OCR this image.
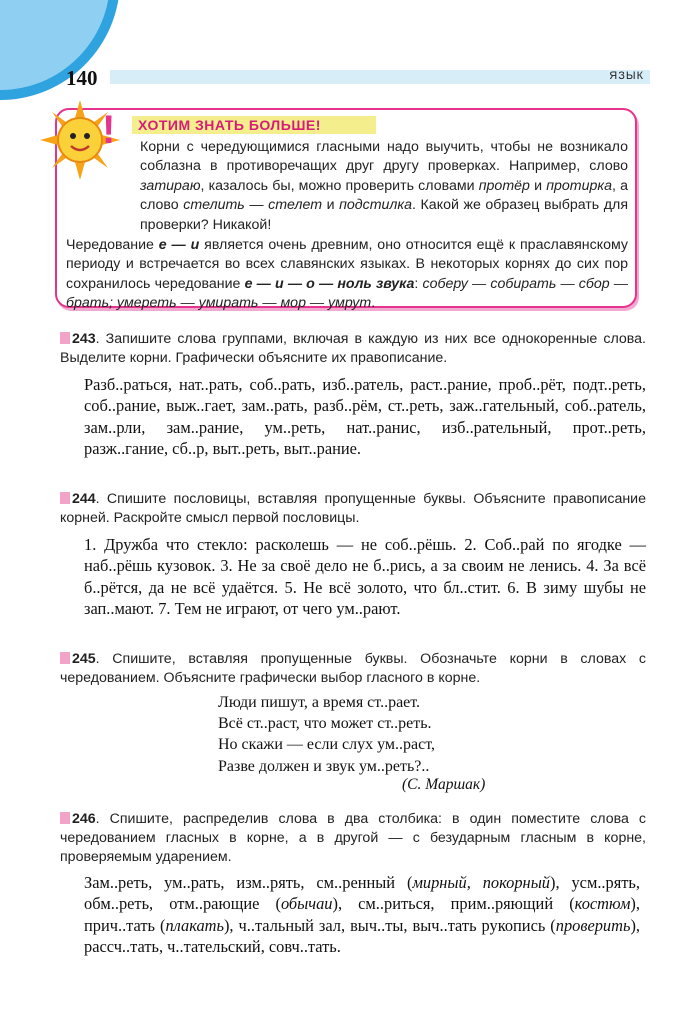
140	ЯЗЫК
!	ХОТИМ ЗНАТЬ БОЛЬШЕ!
Корни с чередующимися гласными надо выучить, чтобы не возникало соблазна в противоречащих друг другу проверках. Например, слово затираю, казалось бы, можно проверить словами протёр и протирка, а слово стелить — стелет и подстилка. Какой же образец выбрать для проверки? Никакой!
Чередование е — и является очень древним, оно относится ещё к праславянскому периоду и встречается во всех славянских языках. В некоторых корнях до сих пор сохранилось чередование е — и — о — ноль звука: соберу — собирать — сбор — брать; умереть — умирать — мор — умрут.
243. Запишите слова группами, включая в каждую из них все однокоренные слова. Выделите корни. Графически объясните их правописание.
Разб..раться, нат..рать, соб..рать, изб..ратель, раст..рание, проб..рёт, подт..реть, соб..рание, выж..гает, зам..рать, разб..рём, ст..реть, заж..гательный, соб..ратель, зам..рли, зам..рание, ум..реть, нат..ранис, изб..рательный, прот..реть, разж..гание, сб..р, выт..реть, выт..рание.
244. Спишите пословицы, вставляя пропущенные буквы. Объясните правописание корней. Раскройте смысл первой пословицы.
1. Дружба что стекло: расколешь — не соб..рёшь. 2. Соб..рай по ягодке — наб..рёшь кузовок. 3. Не за своё дело не б..рись, а за своим не ленись. 4. За всё б..рётся, да не всё удаётся. 5. Не всё золото, что бл..стит. 6. В зиму шубы не зап..мают. 7. Тем не играют, от чего ум..рают.
245. Спишите, вставляя пропущенные буквы. Обозначьте корни в словах с чередованием. Объясните графически выбор гласного в корне.
Люди пишут, а время ст..рает.
Всё ст..раст, что может ст..реть.
Но скажи — если слух ум..раст,
Разве должен и звук ум..реть?..
(С. Маршак)
246. Спишите, распределив слова в два столбика: в один поместите слова с чередованием гласных в корне, а в другой — с безударным гласным в корне, проверяемым ударением.
Зам..реть, ум..рать, изм..рять, см..ренный (мирный, покорный), усм..рять, обм..реть, отм..рающие (обычаи), см..риться, прим..ряющий (костюм), прич..тать (плакать), ч..тальный зал, выч..ты, выч..тать рукопись (проверить), рассч..тать, ч..тательский, совч..тать.
